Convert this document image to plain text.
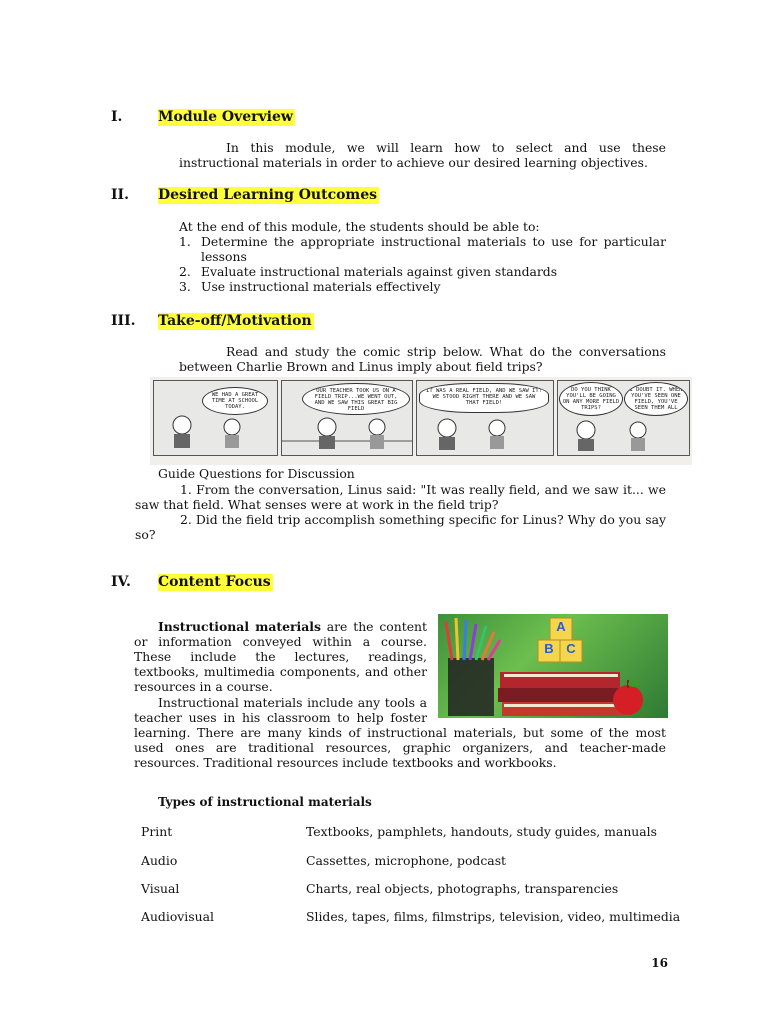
I.	Module Overview
In this module, we will learn how to select and use these instructional materials in order to achieve our desired learning objectives.
II. Desired Learning Outcomes
At the end of this module, the students should be able to:
1. Determine the appropriate instructional materials to use for particular lessons
2. Evaluate instructional materials against given standards
3. Use instructional materials effectively
III. Take-off/Motivation
Read and study the comic strip below. What do the conversations between Charlie Brown and Linus imply about field trips?
WE HAD A GREAT TIME AT SCHOOL TODAY.
OUR TEACHER TOOK US ON A FIELD TRIP...WE WENT OUT, AND WE SAW THIS GREAT BIG FIELD
IT WAS A REAL FIELD, AND WE SAW IT! WE STOOD RIGHT THERE AND WE SAW THAT FIELD!
DO YOU THINK YOU'LL BE GOING ON ANY MORE FIELD TRIPS?
I DOUBT IT. WHEN YOU'VE SEEN ONE FIELD, YOU'VE SEEN THEM ALL
Guide Questions for Discussion
1. From the conversation, Linus said: "It was really field, and we saw it... we saw that field. What senses were at work in the field trip?
2. Did the field trip accomplish something specific for Linus? Why do you say so?
IV. Content Focus
Instructional materials are the content or information conveyed within a course. These include the lectures, readings, textbooks, multimedia components, and other resources in a course.
Instructional materials include any tools a teacher uses in his classroom to help foster
learning. There are many kinds of instructional materials, but some of the most used ones are traditional resources, graphic organizers, and teacher-made resources. Traditional resources include textbooks and workbooks.
A
B C
Types of instructional materials
Print	Textbooks, pamphlets, handouts, study guides, manuals
Audio	Cassettes, microphone, podcast
Visual	Charts, real objects, photographs, transparencies
Audiovisual	Slides, tapes, films, filmstrips, television, video, multimedia
16
